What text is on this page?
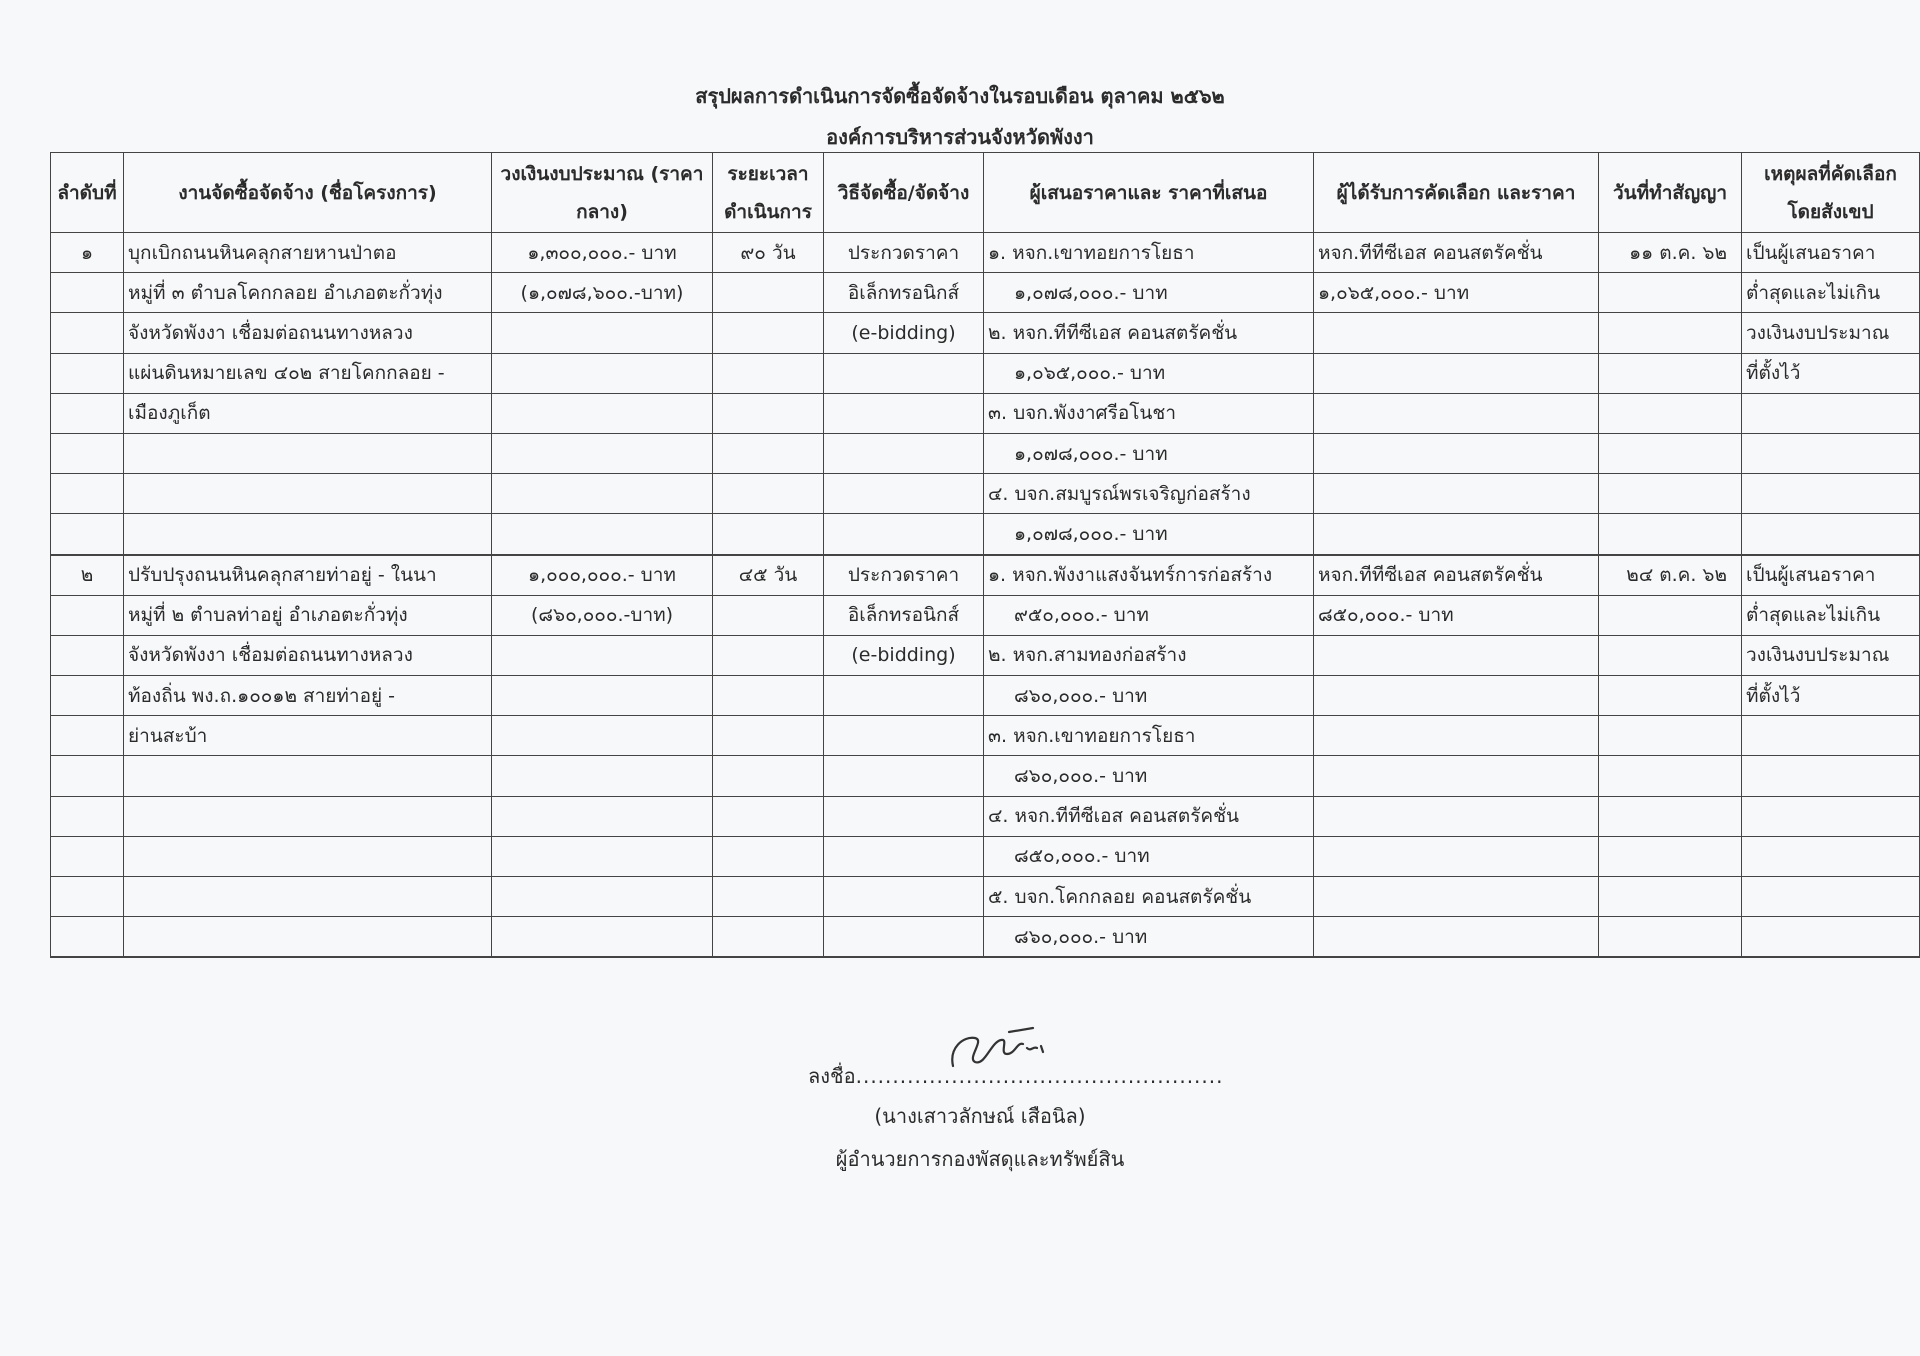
สรุปผลการดำเนินการจัดซื้อจัดจ้างในรอบเดือน ตุลาคม ๒๕๖๒
องค์การบริหารส่วนจังหวัดพังงา
ลำดับที่	งานจัดซื้อจัดจ้าง (ชื่อโครงการ)	วงเงินงบประมาณ (ราคากลาง)	ระยะเวลา ดำเนินการ	วิธีจัดซื้อ/จัดจ้าง	ผู้เสนอราคาและ ราคาที่เสนอ	ผู้ได้รับการคัดเลือก และราคา	วันที่ทำสัญญา	เหตุผลที่คัดเลือก โดยสังเขป
๑	บุกเบิกถนนหินคลุกสายหานป่าตอ	๑,๓๐๐,๐๐๐.- บาท	๙๐ วัน	ประกวดราคา	๑. หจก.เขาทอยการโยธา	หจก.ทีทีซีเอส คอนสตรัคชั่น	๑๑ ต.ค. ๖๒	เป็นผู้เสนอราคา
	หมู่ที่ ๓ ตำบลโคกกลอย อำเภอตะกั่วทุ่ง	(๑,๐๗๘,๖๐๐.-บาท)		อิเล็กทรอนิกส์	๑,๐๗๘,๐๐๐.- บาท	๑,๐๖๕,๐๐๐.- บาท		ต่ำสุดและไม่เกิน
	จังหวัดพังงา เชื่อมต่อถนนทางหลวง			(e-bidding)	๒. หจก.ทีทีซีเอส คอนสตรัคชั่น			วงเงินงบประมาณ
	แผ่นดินหมายเลข ๔๐๒ สายโคกกลอย -				๑,๐๖๕,๐๐๐.- บาท			ที่ตั้งไว้
	เมืองภูเก็ต				๓. บจก.พังงาศรีอโนชา			
					๑,๐๗๘,๐๐๐.- บาท			
					๔. บจก.สมบูรณ์พรเจริญก่อสร้าง			
					๑,๐๗๘,๐๐๐.- บาท			
๒	ปรับปรุงถนนหินคลุกสายท่าอยู่ - ในนา	๑,๐๐๐,๐๐๐.- บาท	๔๕ วัน	ประกวดราคา	๑. หจก.พังงาแสงจันทร์การก่อสร้าง	หจก.ทีทีซีเอส คอนสตรัคชั่น	๒๔ ต.ค. ๖๒	เป็นผู้เสนอราคา
	หมู่ที่ ๒ ตำบลท่าอยู่ อำเภอตะกั่วทุ่ง	(๘๖๐,๐๐๐.-บาท)		อิเล็กทรอนิกส์	๙๕๐,๐๐๐.- บาท	๘๕๐,๐๐๐.- บาท		ต่ำสุดและไม่เกิน
	จังหวัดพังงา เชื่อมต่อถนนทางหลวง			(e-bidding)	๒. หจก.สามทองก่อสร้าง			วงเงินงบประมาณ
	ท้องถิ่น พง.ถ.๑๐๐๑๒ สายท่าอยู่ -				๘๖๐,๐๐๐.- บาท			ที่ตั้งไว้
	ย่านสะบ้า				๓. หจก.เขาทอยการโยธา			
					๘๖๐,๐๐๐.- บาท			
					๔. หจก.ทีทีซีเอส คอนสตรัคชั่น			
					๘๕๐,๐๐๐.- บาท			
					๕. บจก.โคกกลอย คอนสตรัคชั่น			
					๘๖๐,๐๐๐.- บาท			
ลงชื่อ..................................................
(นางเสาวลักษณ์ เสือนิล)
ผู้อำนวยการกองพัสดุและทรัพย์สิน
